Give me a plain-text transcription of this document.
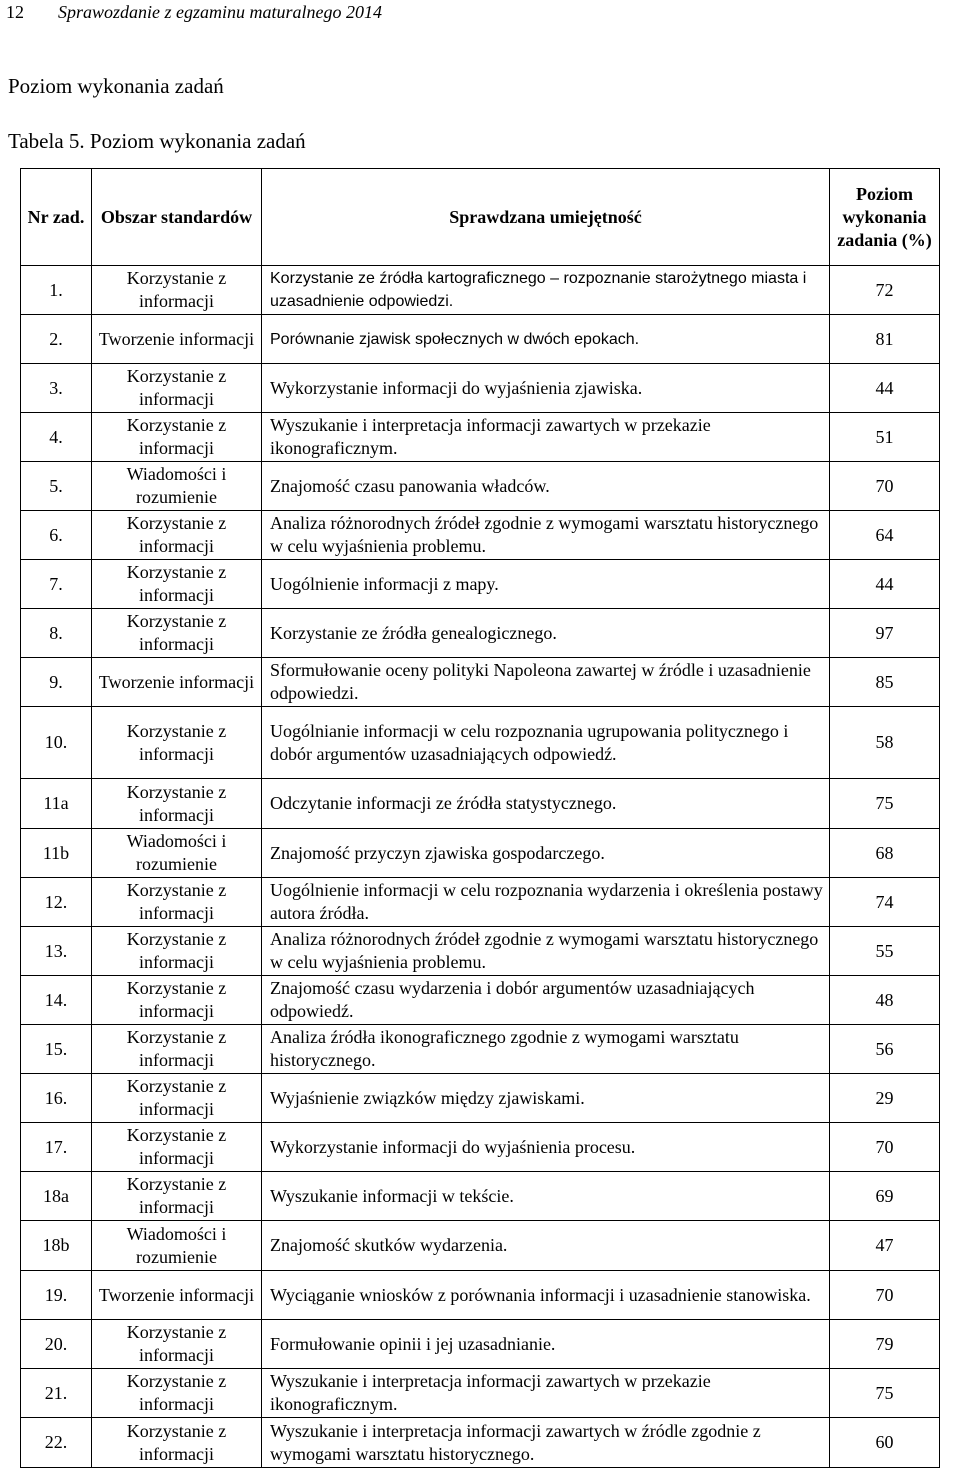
12 Sprawozdanie z egzaminu maturalnego 2014
Poziom wykonania zadań
Tabela 5. Poziom wykonania zadań
Nr zad.	Obszar standardów	Sprawdzana umiejętność	Poziom wykonania zadania (%)
1.	Korzystanie z informacji	Korzystanie ze źródła kartograficznego – rozpoznanie starożytnego miasta i uzasadnienie odpowiedzi.	72
2.	Tworzenie informacji	Porównanie zjawisk społecznych w dwóch epokach.	81
3.	Korzystanie z informacji	Wykorzystanie informacji do wyjaśnienia zjawiska.	44
4.	Korzystanie z informacji	Wyszukanie i interpretacja informacji zawartych w przekazie ikonograficznym.	51
5.	Wiadomości i rozumienie	Znajomość czasu panowania władców.	70
6.	Korzystanie z informacji	Analiza różnorodnych źródeł zgodnie z wymogami warsztatu historycznego w celu wyjaśnienia problemu.	64
7.	Korzystanie z informacji	Uogólnienie informacji z mapy.	44
8.	Korzystanie z informacji	Korzystanie ze źródła genealogicznego.	97
9.	Tworzenie informacji	Sformułowanie oceny polityki Napoleona zawartej w źródle i uzasadnienie odpowiedzi.	85
10.	Korzystanie z informacji	Uogólnianie informacji w celu rozpoznania ugrupowania politycznego i dobór argumentów uzasadniających odpowiedź.	58
11a	Korzystanie z informacji	Odczytanie informacji ze źródła statystycznego.	75
11b	Wiadomości i rozumienie	Znajomość przyczyn zjawiska gospodarczego.	68
12.	Korzystanie z informacji	Uogólnienie informacji w celu rozpoznania wydarzenia i określenia postawy autora źródła.	74
13.	Korzystanie z informacji	Analiza różnorodnych źródeł zgodnie z wymogami warsztatu historycznego w celu wyjaśnienia problemu.	55
14.	Korzystanie z informacji	Znajomość czasu wydarzenia i dobór argumentów uzasadniających odpowiedź.	48
15.	Korzystanie z informacji	Analiza źródła ikonograficznego zgodnie z wymogami warsztatu historycznego.	56
16.	Korzystanie z informacji	Wyjaśnienie związków między zjawiskami.	29
17.	Korzystanie z informacji	Wykorzystanie informacji do wyjaśnienia procesu.	70
18a	Korzystanie z informacji	Wyszukanie informacji w tekście.	69
18b	Wiadomości i rozumienie	Znajomość skutków wydarzenia.	47
19.	Tworzenie informacji	Wyciąganie wniosków z porównania informacji i uzasadnienie stanowiska.	70
20.	Korzystanie z informacji	Formułowanie opinii i jej uzasadnianie.	79
21.	Korzystanie z informacji	Wyszukanie i interpretacja informacji zawartych w przekazie ikonograficznym.	75
22.	Korzystanie z informacji	Wyszukanie i interpretacja informacji zawartych w źródle zgodnie z wymogami warsztatu historycznego.	60
